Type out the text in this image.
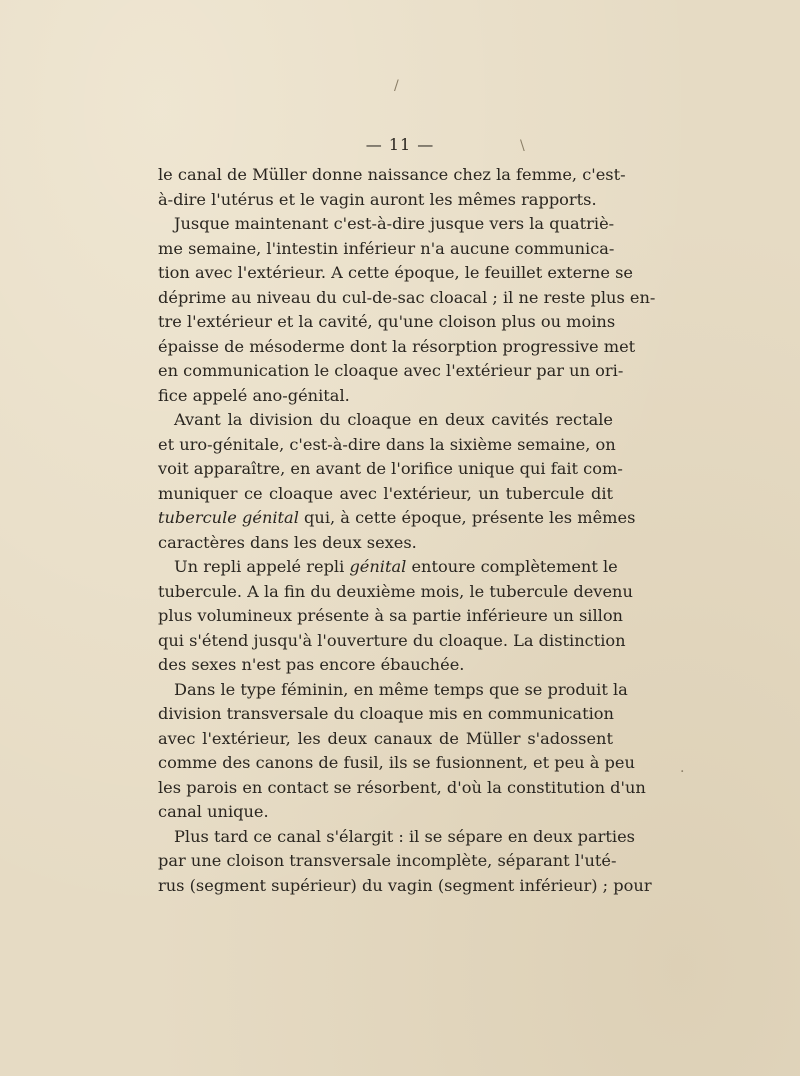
— 11 —
le canal de Müller donne naissance chez la femme, c'est-
à-dire l'utérus et le vagin auront les mêmes rapports.
Jusque maintenant c'est-à-dire jusque vers la quatriè-
me semaine, l'intestin inférieur n'a aucune communica-
tion avec l'extérieur. A cette époque, le feuillet externe se
déprime au niveau du cul-de-sac cloacal ; il ne reste plus en-
tre l'extérieur et la cavité, qu'une cloison plus ou moins
épaisse de mésoderme dont la résorption progressive met
en communication le cloaque avec l'extérieur par un ori-
fice appelé ano-génital.
Avant la division du cloaque en deux cavités rectale
et uro-génitale, c'est-à-dire dans la sixième semaine, on
voit apparaître, en avant de l'orifice unique qui fait com-
muniquer ce cloaque avec l'extérieur, un tubercule dit
tubercule génital qui, à cette époque, présente les mêmes
caractères dans les deux sexes.
Un repli appelé repli génital entoure complètement le
tubercule. A la fin du deuxième mois, le tubercule devenu
plus volumineux présente à sa partie inférieure un sillon
qui s'étend jusqu'à l'ouverture du cloaque. La distinction
des sexes n'est pas encore ébauchée.
Dans le type féminin, en même temps que se produit la
division transversale du cloaque mis en communication
avec l'extérieur, les deux canaux de Müller s'adossent
comme des canons de fusil, ils se fusionnent, et peu à peu
les parois en contact se résorbent, d'où la constitution d'un
canal unique.
Plus tard ce canal s'élargit : il se sépare en deux parties
par une cloison transversale incomplète, séparant l'uté-
rus (segment supérieur) du vagin (segment inférieur) ; pour
/
\
.
